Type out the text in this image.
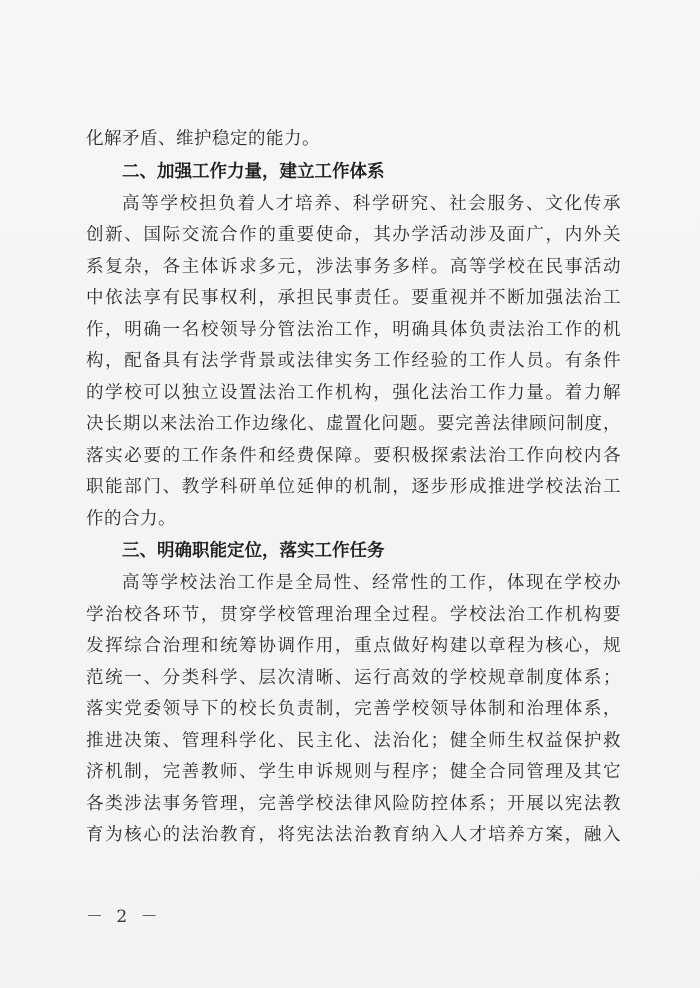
化解矛盾、维护稳定的能力。
二、加强工作力量，建立工作体系
高等学校担负着人才培养、科学研究、社会服务、文化传承
创新、国际交流合作的重要使命，其办学活动涉及面广，内外关
系复杂，各主体诉求多元，涉法事务多样。高等学校在民事活动
中依法享有民事权利，承担民事责任。要重视并不断加强法治工
作，明确一名校领导分管法治工作，明确具体负责法治工作的机
构，配备具有法学背景或法律实务工作经验的工作人员。有条件
的学校可以独立设置法治工作机构，强化法治工作力量。着力解
决长期以来法治工作边缘化、虚置化问题。要完善法律顾问制度，
落实必要的工作条件和经费保障。要积极探索法治工作向校内各
职能部门、教学科研单位延伸的机制，逐步形成推进学校法治工
作的合力。
三、明确职能定位，落实工作任务
高等学校法治工作是全局性、经常性的工作，体现在学校办
学治校各环节，贯穿学校管理治理全过程。学校法治工作机构要
发挥综合治理和统筹协调作用，重点做好构建以章程为核心，规
范统一、分类科学、层次清晰、运行高效的学校规章制度体系；
落实党委领导下的校长负责制，完善学校领导体制和治理体系，
推进决策、管理科学化、民主化、法治化；健全师生权益保护救
济机制，完善教师、学生申诉规则与程序；健全合同管理及其它
各类涉法事务管理，完善学校法律风险防控体系；开展以宪法教
育为核心的法治教育，将宪法法治教育纳入人才培养方案，融入
－ 2 －
